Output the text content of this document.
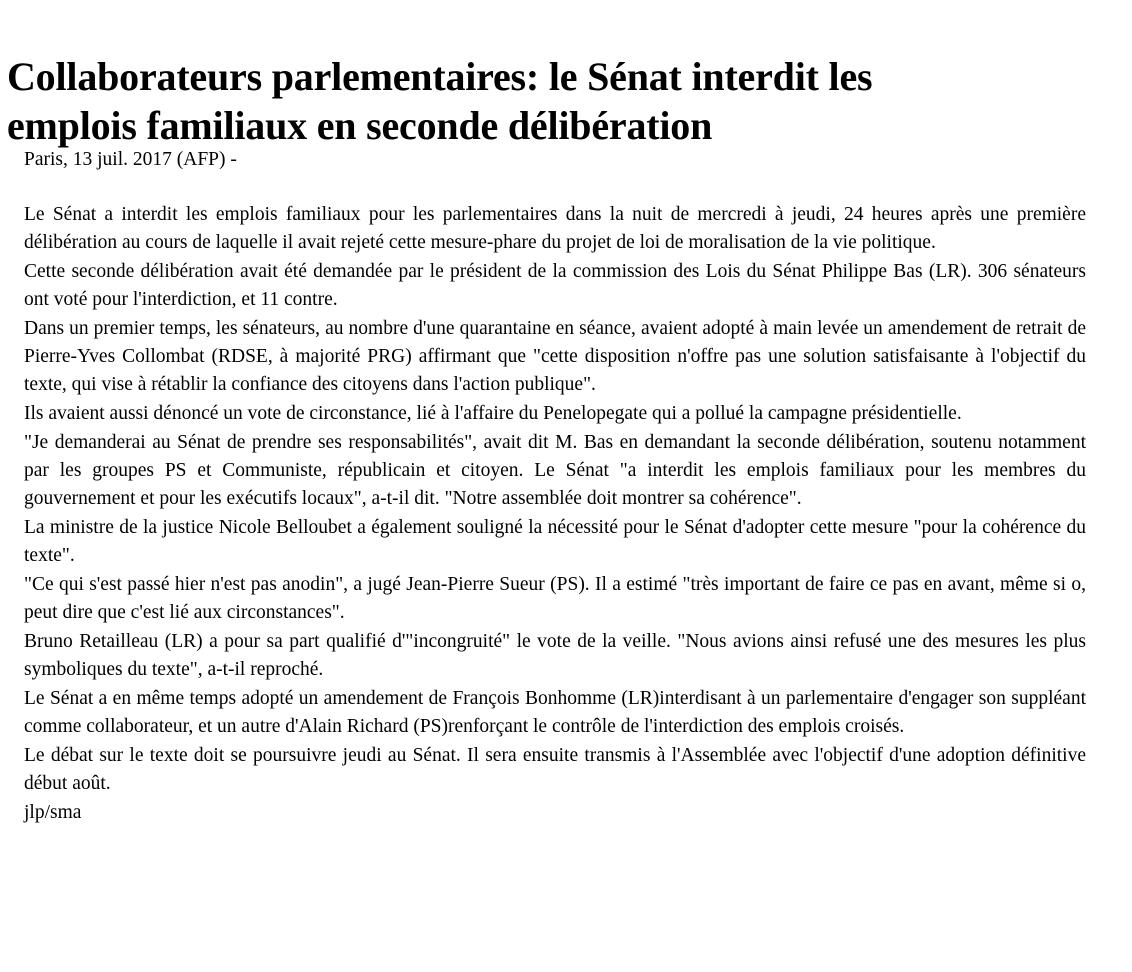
Collaborateurs parlementaires: le Sénat interdit les
emplois familiaux en seconde délibération

Paris, 13 juil. 2017 (AFP) -

Le Sénat a interdit les emplois familiaux pour les parlementaires dans la nuit de mercredi à jeudi, 24 heures après une première délibération au cours de laquelle il avait rejeté cette mesure-phare du projet de loi de moralisation de la vie politique.

Cette seconde délibération avait été demandée par le président de la commission des Lois du Sénat Philippe Bas (LR). 306 sénateurs ont voté pour l'interdiction, et 11 contre.

Dans un premier temps, les sénateurs, au nombre d'une quarantaine en séance, avaient adopté à main levée un amendement de retrait de Pierre-Yves Collombat (RDSE, à majorité PRG) affirmant que "cette disposition n'offre pas une solution satisfaisante à l'objectif du texte, qui vise à rétablir la confiance des citoyens dans l'action publique".

Ils avaient aussi dénoncé un vote de circonstance, lié à l'affaire du Penelopegate qui a pollué la campagne présidentielle.

"Je demanderai au Sénat de prendre ses responsabilités", avait dit M. Bas en demandant la seconde délibération, soutenu notamment par les groupes PS et Communiste, républicain et citoyen. Le Sénat "a interdit les emplois familiaux pour les membres du gouvernement et pour les exécutifs locaux", a-t-il dit. "Notre assemblée doit montrer sa cohérence".

La ministre de la justice Nicole Belloubet a également souligné la nécessité pour le Sénat d'adopter cette mesure "pour la cohérence du texte".

"Ce qui s'est passé hier n'est pas anodin", a jugé Jean-Pierre Sueur (PS). Il a estimé "très important de faire ce pas en avant, même si o, peut dire que c'est lié aux circonstances".

Bruno Retailleau (LR) a pour sa part qualifié d'"incongruité" le vote de la veille. "Nous avions ainsi refusé une des mesures les plus symboliques du texte", a-t-il reproché.

Le Sénat a en même temps adopté un amendement de François Bonhomme (LR)interdisant à un parlementaire d'engager son suppléant comme collaborateur, et un autre d'Alain Richard (PS)renforçant le contrôle de l'interdiction des emplois croisés.

Le débat sur le texte doit se poursuivre jeudi au Sénat. Il sera ensuite transmis à l'Assemblée avec l'objectif d'une adoption définitive début août.

jlp/sma
